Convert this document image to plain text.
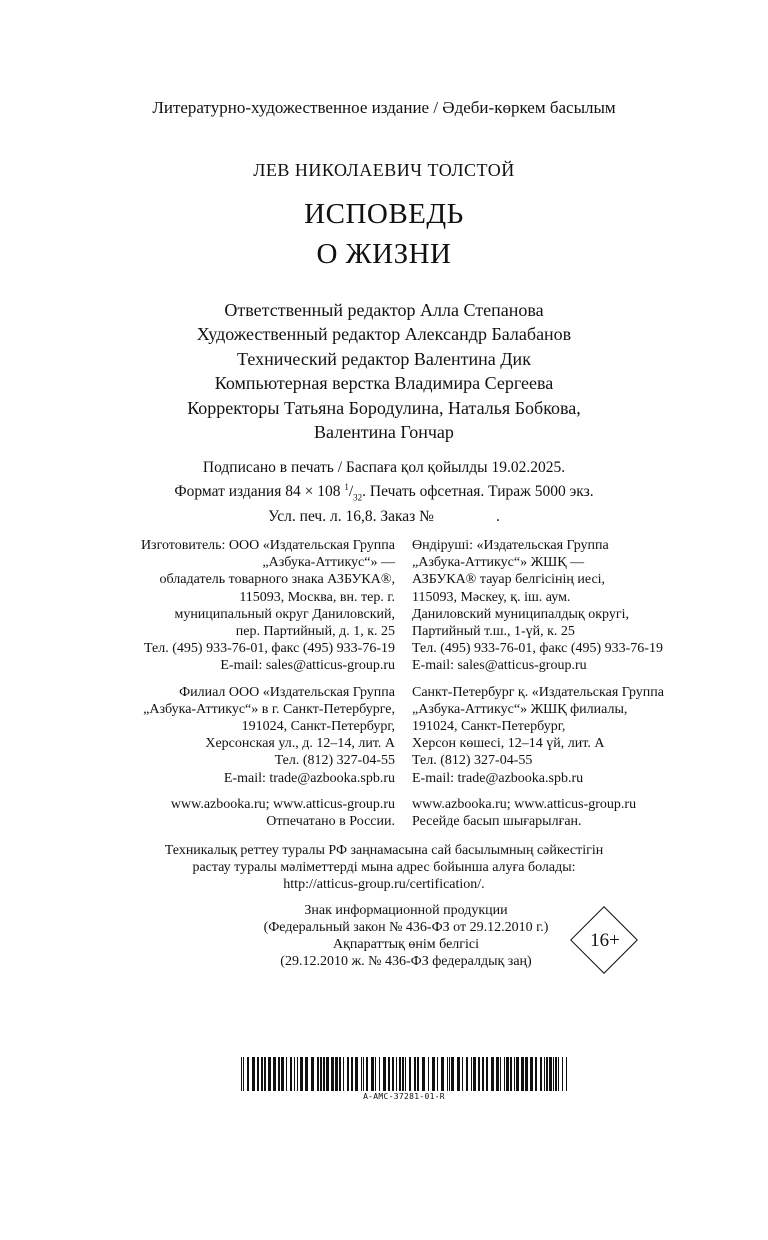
Литературно-художественное издание / Әдеби-көркем басылым
ЛЕВ НИКОЛАЕВИЧ ТОЛСТОЙ
ИСПОВЕДЬ
О ЖИЗНИ
Ответственный редактор Алла Степанова
Художественный редактор Александр Балабанов
Технический редактор Валентина Дик
Компьютерная верстка Владимира Сергеева
Корректоры Татьяна Бородулина, Наталья Бобкова,
Валентина Гончар
Подписано в печать / Баспаға қол қойылды 19.02.2025.
Формат издания 84 × 108 $^1/_{32}$. Печать офсетная. Тираж 5000 экз.
Усл. печ. л. 16,8. Заказ №                .
Изготовитель: ООО «Издательская Группа
„Азбука-Аттикус“» —
обладатель товарного знака АЗБУКА®,
115093, Москва, вн. тер. г.
муниципальный округ Даниловский,
пер. Партийный, д. 1, к. 25
Тел. (495) 933-76-01, факс (495) 933-76-19
E-mail: sales@atticus-group.ru
Филиал ООО «Издательская Группа
„Азбука-Аттикус“» в г. Санкт-Петербурге,
191024, Санкт-Петербург,
Херсонская ул., д. 12–14, лит. А
Тел. (812) 327-04-55
E-mail: trade@azbooka.spb.ru
www.azbooka.ru; www.atticus-group.ru
Отпечатано в России.
Өндіруші: «Издательская Группа
„Азбука-Аттикус“» ЖШҚ —
АЗБУКА® тауар белгісінің иесі,
115093, Мәскеу, қ. іш. аум.
Даниловский муниципалдық округі,
Партийный т.ш., 1-үй, к. 25
Тел. (495) 933-76-01, факс (495) 933-76-19
E-mail: sales@atticus-group.ru
Санкт-Петербург қ. «Издательская Группа
„Азбука-Аттикус“» ЖШҚ филиалы,
191024, Санкт-Петербург,
Херсон көшесі, 12–14 үй, лит. А
Тел. (812) 327-04-55
E-mail: trade@azbooka.spb.ru
www.azbooka.ru; www.atticus-group.ru
Ресейде басып шығарылған.
Техникалық реттеу туралы РФ заңнамасына сай басылымның сәйкестігін
растау туралы мәліметтерді мына адрес бойынша алуға болады:
http://atticus-group.ru/certification/.
Знак информационной продукции
(Федеральный закон № 436-ФЗ от 29.12.2010 г.)
Ақпараттық өнім белгісі
(29.12.2010 ж. № 436-ФЗ федералдық заң)
16+
A-AMC-37281-01-R
